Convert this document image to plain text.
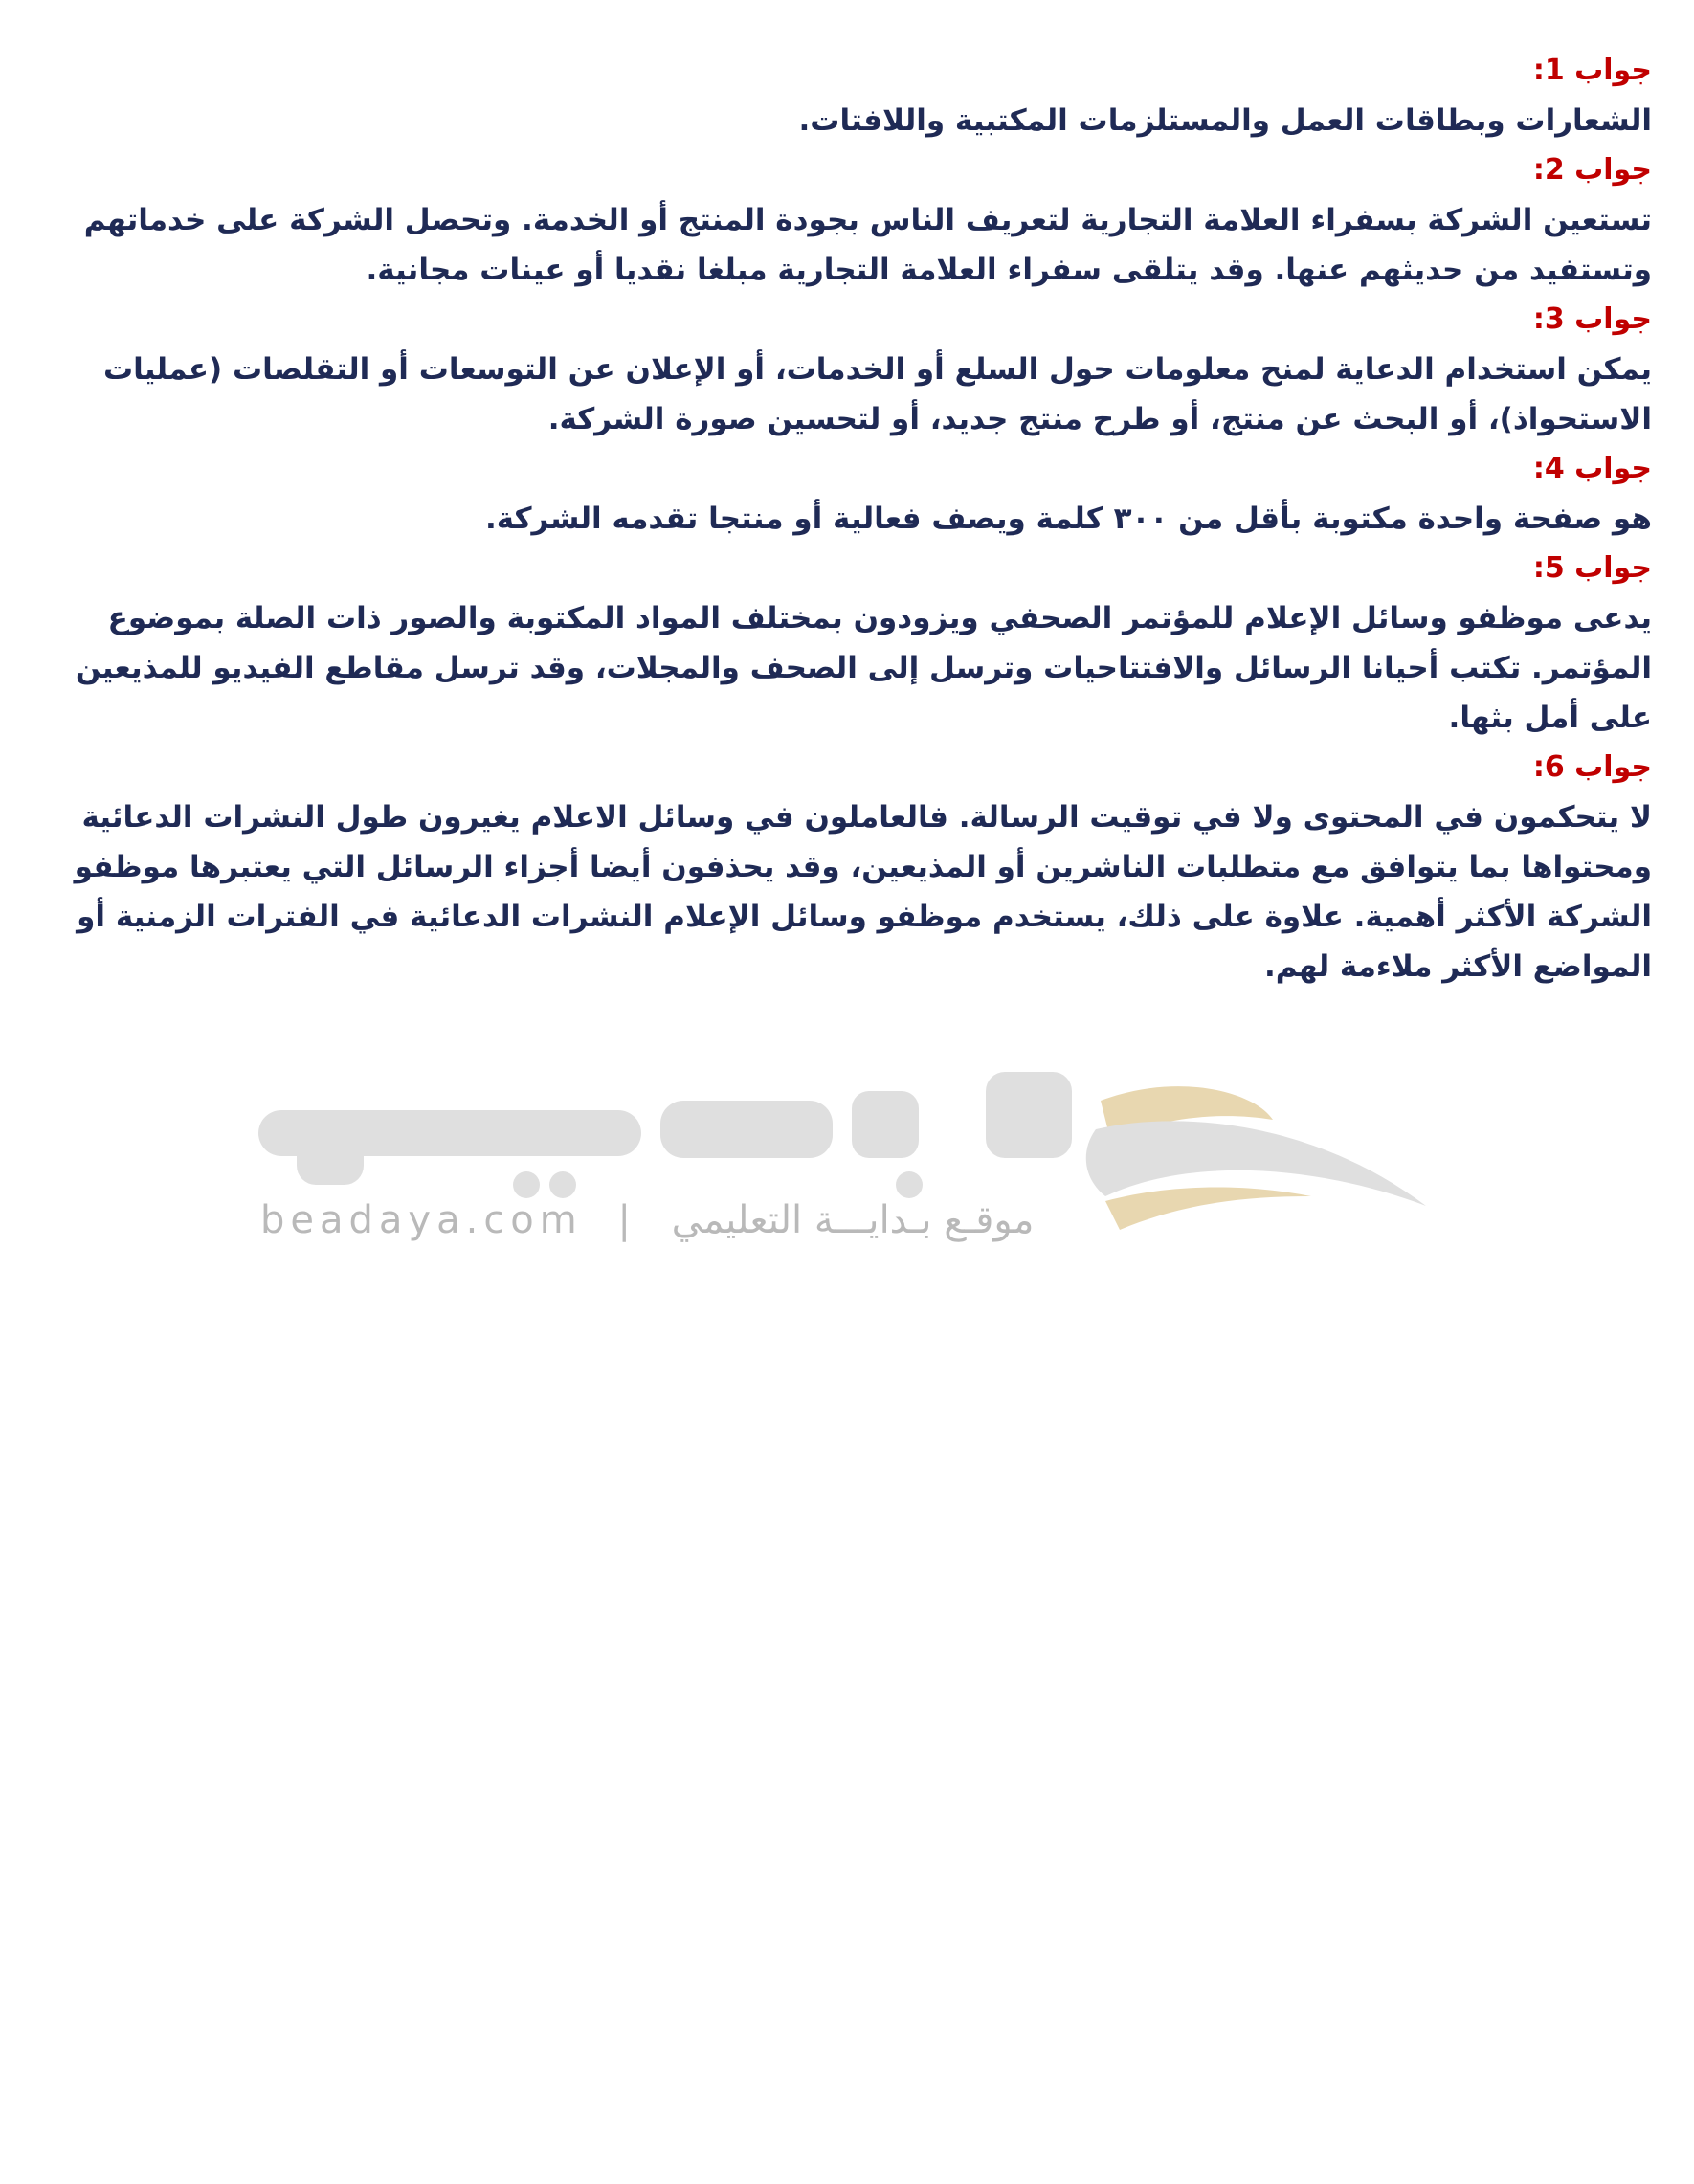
جواب 1:

الشعارات وبطاقات العمل والمستلزمات المكتبية واللافتات.

جواب 2:

تستعين الشركة بسفراء العلامة التجارية لتعريف الناس بجودة المنتج أو الخدمة. وتحصل الشركة على خدماتهم وتستفيد من حديثهم عنها. وقد يتلقى سفراء العلامة التجارية مبلغا نقديا أو عينات مجانية.

جواب 3:

يمكن استخدام الدعاية لمنح معلومات حول السلع أو الخدمات، أو الإعلان عن التوسعات أو التقلصات (عمليات الاستحواذ)، أو البحث عن منتج، أو طرح منتج جديد، أو لتحسين صورة الشركة.

جواب 4:

هو صفحة واحدة مكتوبة بأقل من ٣٠٠ كلمة ويصف فعالية أو منتجا تقدمه الشركة.

جواب 5:

يدعى موظفو وسائل الإعلام للمؤتمر الصحفي ويزودون بمختلف المواد المكتوبة والصور ذات الصلة بموضوع المؤتمر. تكتب أحيانا الرسائل والافتتاحيات وترسل إلى الصحف والمجلات، وقد ترسل مقاطع الفيديو للمذيعين على أمل بثها.

جواب 6:

لا يتحكمون في المحتوى ولا في توقيت الرسالة. فالعاملون في وسائل الاعلام يغيرون طول النشرات الدعائية ومحتواها بما يتوافق مع متطلبات الناشرين أو المذيعين، وقد يحذفون أيضا أجزاء الرسائل التي يعتبرها موظفو الشركة الأكثر أهمية. علاوة على ذلك، يستخدم موظفو وسائل الإعلام النشرات الدعائية في الفترات الزمنية أو المواضع الأكثر ملاءمة لهم.

beadaya.com | موقـع بـدايـــة التعليمي
